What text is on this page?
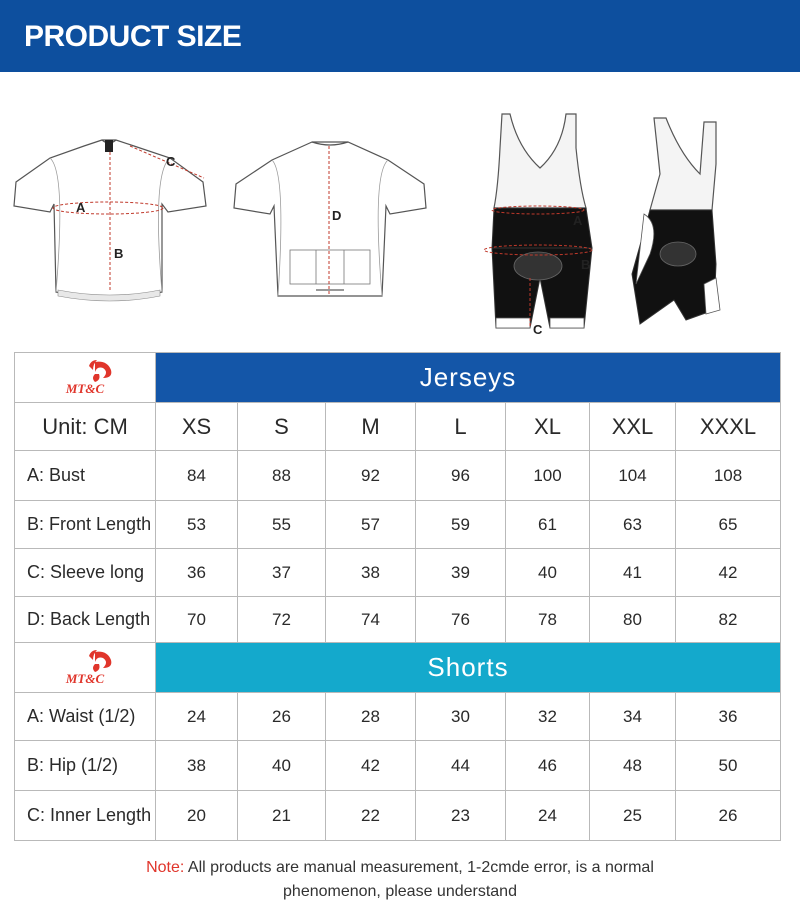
PRODUCT SIZE
A
B
C
D	A
B
C
MT&C	Jerseys						
Unit: CM	XS	S	M	L	XL	XXL	XXXL
A: Bust	84	88	92	96	100	104	108
B: Front Length	53	55	57	59	61	63	65
C: Sleeve long	36	37	38	39	40	41	42
D: Back Length	70	72	74	76	78	80	82

MT&C	Shorts						
A: Waist (1/2)	24	26	28	30	32	34	36
B: Hip (1/2)	38	40	42	44	46	48	50
C: Inner Length	20	21	22	23	24	25	26
Note: All products are manual measurement, 1-2cmde error, is a normal
phenomenon, please understand
